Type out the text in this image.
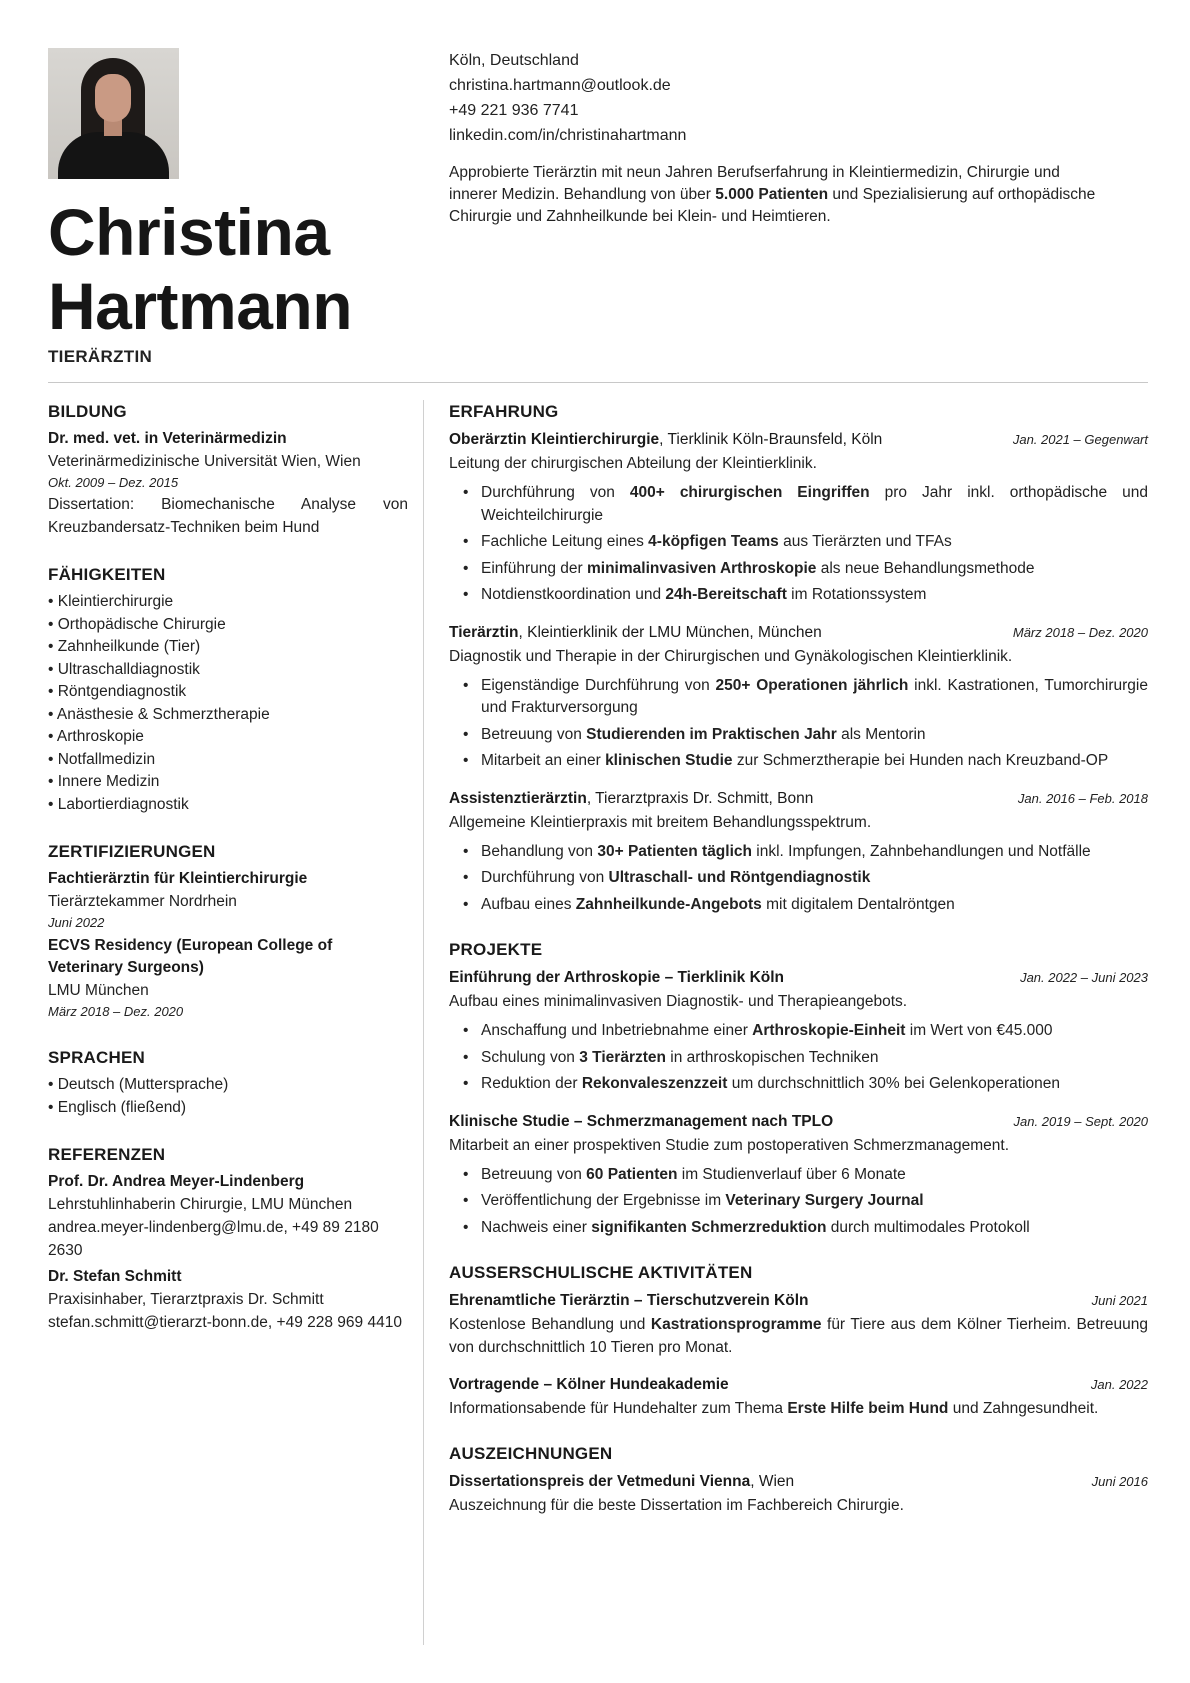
Christina
Hartmann
TIERÄRZTIN
Köln, Deutschland
christina.hartmann@outlook.de
+49 221 936 7741
linkedin.com/in/christinahartmann
Approbierte Tierärztin mit neun Jahren Berufserfahrung in Kleintiermedizin, Chirurgie und innerer Medizin. Behandlung von über 5.000 Patienten und Spezialisierung auf orthopädische Chirurgie und Zahnheilkunde bei Klein- und Heimtieren.
BILDUNG
Dr. med. vet. in Veterinärmedizin
Veterinärmedizinische Universität Wien, Wien
Okt. 2009 – Dez. 2015
Dissertation: Biomechanische Analyse von Kreuzbandersatz-Techniken beim Hund
FÄHIGKEITEN
• Kleintierchirurgie
• Orthopädische Chirurgie
• Zahnheilkunde (Tier)
• Ultraschalldiagnostik
• Röntgendiagnostik
• Anästhesie & Schmerztherapie
• Arthroskopie
• Notfallmedizin
• Innere Medizin
• Labortierdiagnostik
ZERTIFIZIERUNGEN
Fachtierärztin für Kleintierchirurgie
Tierärztekammer Nordrhein
Juni 2022
ECVS Residency (European College of Veterinary Surgeons)
LMU München
März 2018 – Dez. 2020
SPRACHEN
• Deutsch (Muttersprache)
• Englisch (fließend)
REFERENZEN
Prof. Dr. Andrea Meyer-Lindenberg
Lehrstuhlinhaberin Chirurgie, LMU München
andrea.meyer-lindenberg@lmu.de, +49 89 2180 2630
Dr. Stefan Schmitt
Praxisinhaber, Tierarztpraxis Dr. Schmitt
stefan.schmitt@tierarzt-bonn.de, +49 228 969 4410
ERFAHRUNG
Oberärztin Kleintierchirurgie, Tierklinik Köln-Braunsfeld, Köln	Jan. 2021 – Gegenwart
Leitung der chirurgischen Abteilung der Kleintierklinik.
• Durchführung von 400+ chirurgischen Eingriffen pro Jahr inkl. orthopädische und Weichteilchirurgie
• Fachliche Leitung eines 4-köpfigen Teams aus Tierärzten und TFAs
• Einführung der minimalinvasiven Arthroskopie als neue Behandlungsmethode
• Notdienstkoordination und 24h-Bereitschaft im Rotationssystem
Tierärztin, Kleintierklinik der LMU München, München	März 2018 – Dez. 2020
Diagnostik und Therapie in der Chirurgischen und Gynäkologischen Kleintierklinik.
• Eigenständige Durchführung von 250+ Operationen jährlich inkl. Kastrationen, Tumorchirurgie und Frakturversorgung
• Betreuung von Studierenden im Praktischen Jahr als Mentorin
• Mitarbeit an einer klinischen Studie zur Schmerztherapie bei Hunden nach Kreuzband-OP
Assistenztierärztin, Tierarztpraxis Dr. Schmitt, Bonn	Jan. 2016 – Feb. 2018
Allgemeine Kleintierpraxis mit breitem Behandlungsspektrum.
• Behandlung von 30+ Patienten täglich inkl. Impfungen, Zahnbehandlungen und Notfälle
• Durchführung von Ultraschall- und Röntgendiagnostik
• Aufbau eines Zahnheilkunde-Angebots mit digitalem Dentalröntgen
PROJEKTE
Einführung der Arthroskopie – Tierklinik Köln	Jan. 2022 – Juni 2023
Aufbau eines minimalinvasiven Diagnostik- und Therapieangebots.
• Anschaffung und Inbetriebnahme einer Arthroskopie-Einheit im Wert von €45.000
• Schulung von 3 Tierärzten in arthroskopischen Techniken
• Reduktion der Rekonvaleszenzzeit um durchschnittlich 30% bei Gelenkoperationen
Klinische Studie – Schmerzmanagement nach TPLO	Jan. 2019 – Sept. 2020
Mitarbeit an einer prospektiven Studie zum postoperativen Schmerzmanagement.
• Betreuung von 60 Patienten im Studienverlauf über 6 Monate
• Veröffentlichung der Ergebnisse im Veterinary Surgery Journal
• Nachweis einer signifikanten Schmerzreduktion durch multimodales Protokoll
AUSSERSCHULISCHE AKTIVITÄTEN
Ehrenamtliche Tierärztin – Tierschutzverein Köln	Juni 2021
Kostenlose Behandlung und Kastrationsprogramme für Tiere aus dem Kölner Tierheim. Betreuung von durchschnittlich 10 Tieren pro Monat.
Vortragende – Kölner Hundeakademie	Jan. 2022
Informationsabende für Hundehalter zum Thema Erste Hilfe beim Hund und Zahngesundheit.
AUSZEICHNUNGEN
Dissertationspreis der Vetmeduni Vienna, Wien	Juni 2016
Auszeichnung für die beste Dissertation im Fachbereich Chirurgie.
